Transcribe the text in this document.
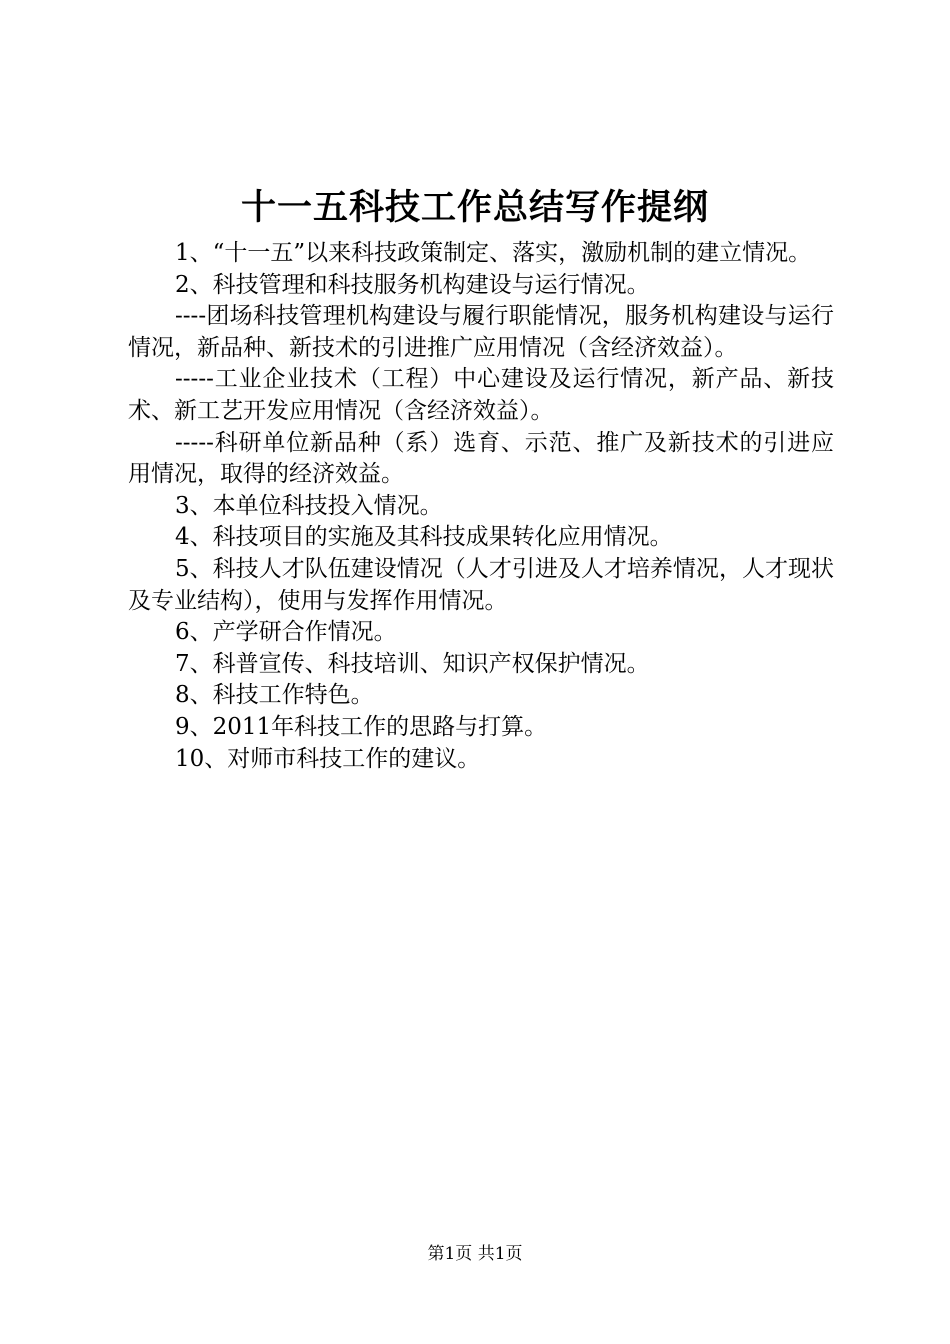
十一五科技工作总结写作提纲

1、“十一五”以来科技政策制定、落实，激励机制的建立情况。

2、科技管理和科技服务机构建设与运行情况。

----团场科技管理机构建设与履行职能情况，服务机构建设与运行情况，新品种、新技术的引进推广应用情况（含经济效益）。

-----工业企业技术（工程）中心建设及运行情况，新产品、新技术、新工艺开发应用情况（含经济效益）。

-----科研单位新品种（系）选育、示范、推广及新技术的引进应用情况，取得的经济效益。

3、本单位科技投入情况。

4、科技项目的实施及其科技成果转化应用情况。

5、科技人才队伍建设情况（人才引进及人才培养情况，人才现状及专业结构），使用与发挥作用情况。

6、产学研合作情况。

7、科普宣传、科技培训、知识产权保护情况。

8、科技工作特色。

9、2011年科技工作的思路与打算。

10、对师市科技工作的建议。

第1页 共1页
